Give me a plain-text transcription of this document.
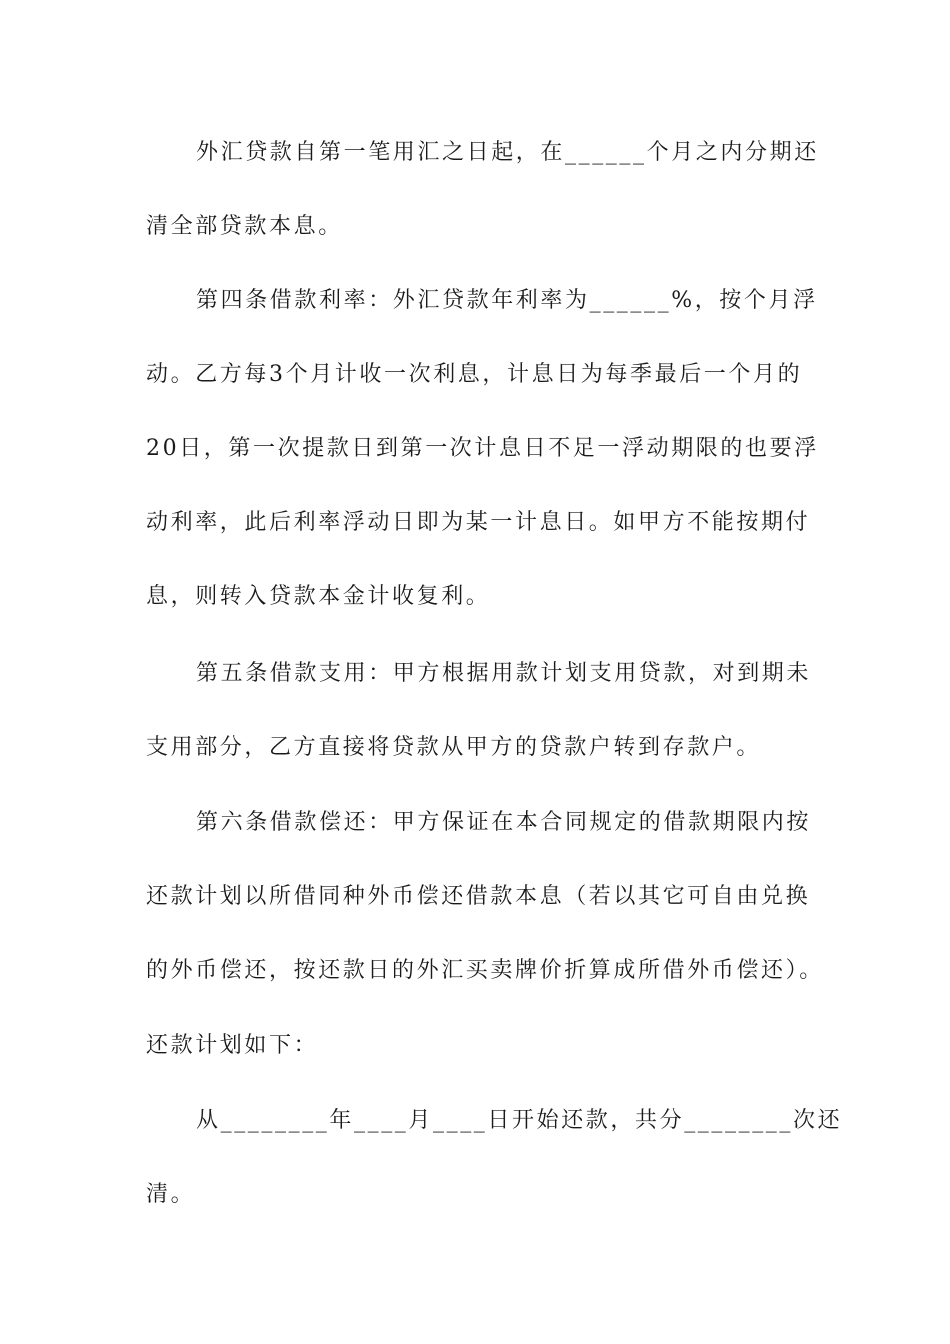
外汇贷款自第一笔用汇之日起，在______个月之内分期还

清全部贷款本息。

第四条借款利率：外汇贷款年利率为______%，按个月浮

动。乙方每3个月计收一次利息，计息日为每季最后一个月的

20日，第一次提款日到第一次计息日不足一浮动期限的也要浮

动利率，此后利率浮动日即为某一计息日。如甲方不能按期付

息，则转入贷款本金计收复利。

第五条借款支用：甲方根据用款计划支用贷款，对到期未

支用部分，乙方直接将贷款从甲方的贷款户转到存款户。

第六条借款偿还：甲方保证在本合同规定的借款期限内按

还款计划以所借同种外币偿还借款本息（若以其它可自由兑换

的外币偿还，按还款日的外汇买卖牌价折算成所借外币偿还）。

还款计划如下：

从________年____月____日开始还款，共分________次还

清。
